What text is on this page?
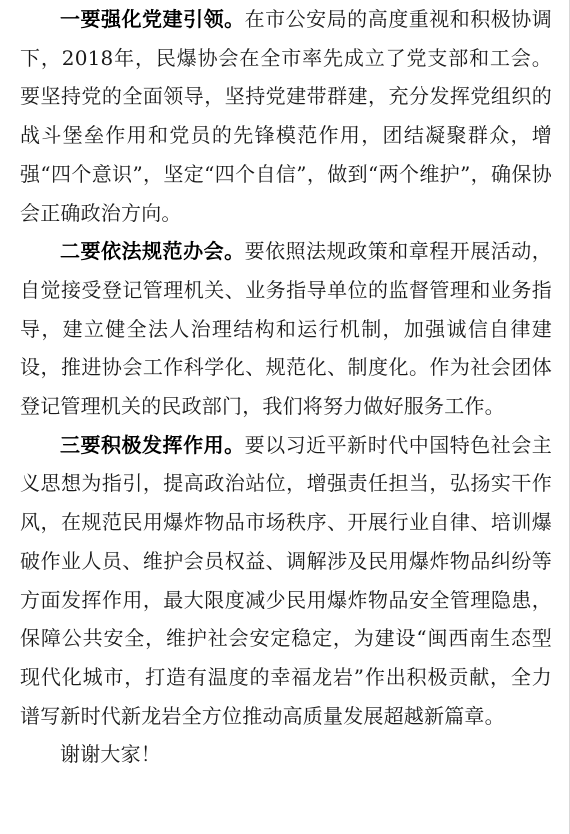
一要强化党建引领。在市公安局的高度重视和积极协调下，2018年，民爆协会在全市率先成立了党支部和工会。要坚持党的全面领导，坚持党建带群建，充分发挥党组织的战斗堡垒作用和党员的先锋模范作用，团结凝聚群众，增强“四个意识”，坚定“四个自信”，做到“两个维护”，确保协会正确政治方向。

二要依法规范办会。要依照法规政策和章程开展活动，自觉接受登记管理机关、业务指导单位的监督管理和业务指导，建立健全法人治理结构和运行机制，加强诚信自律建设，推进协会工作科学化、规范化、制度化。作为社会团体登记管理机关的民政部门，我们将努力做好服务工作。

三要积极发挥作用。要以习近平新时代中国特色社会主义思想为指引，提高政治站位，增强责任担当，弘扬实干作风，在规范民用爆炸物品市场秩序、开展行业自律、培训爆破作业人员、维护会员权益、调解涉及民用爆炸物品纠纷等方面发挥作用，最大限度减少民用爆炸物品安全管理隐患，保障公共安全，维护社会安定稳定，为建设“闽西南生态型现代化城市，打造有温度的幸福龙岩”作出积极贡献，全力谱写新时代新龙岩全方位推动高质量发展超越新篇章。

谢谢大家！
